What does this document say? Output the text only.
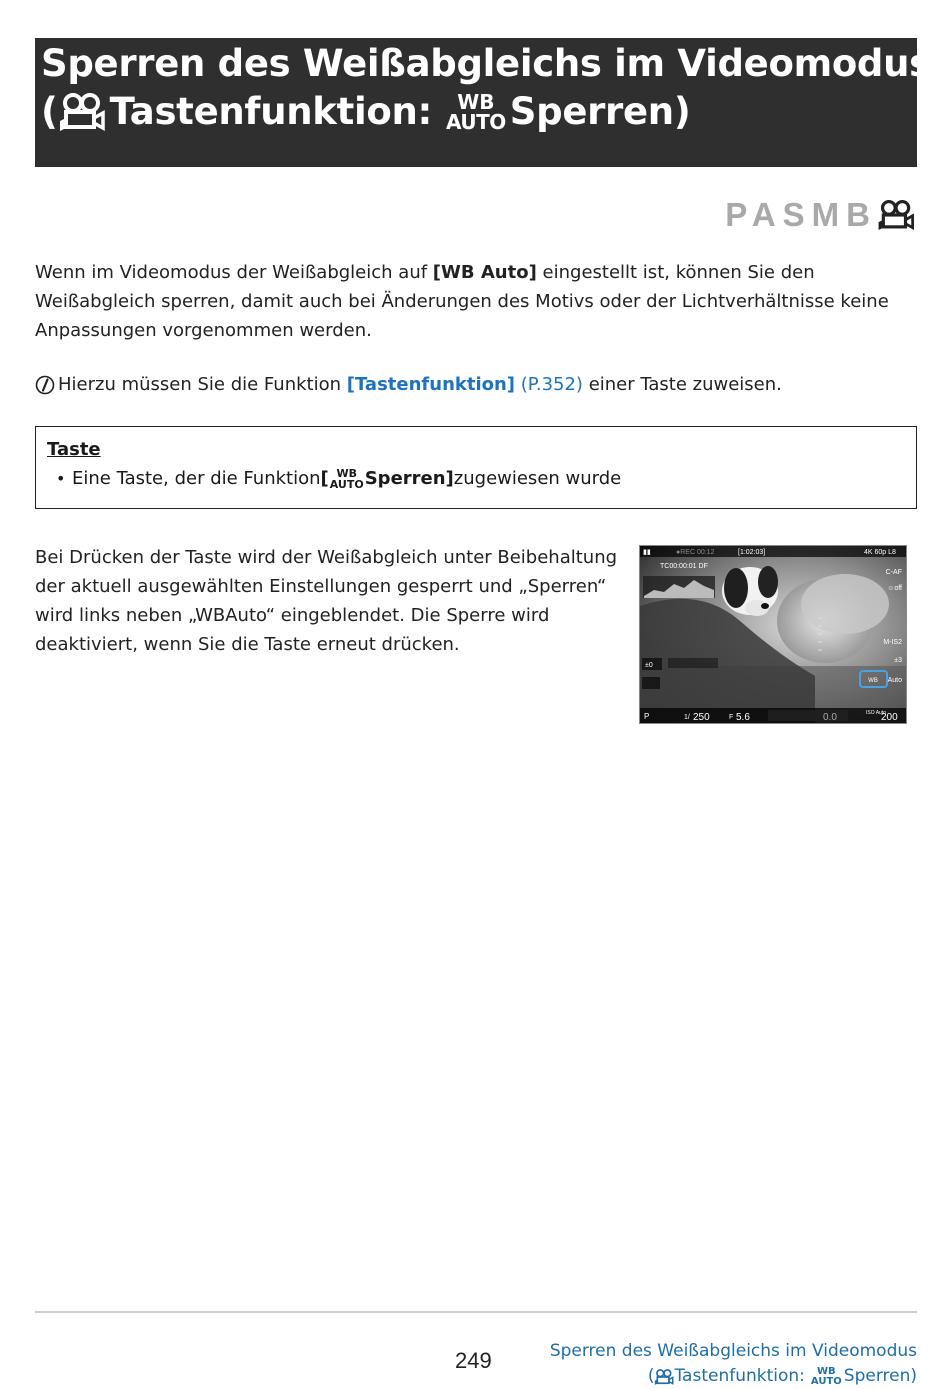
Sperren des Weißabgleichs im Videomodus
( Tastenfunktion: WB
AUTO Sperren)
PASMB
Wenn im Videomodus der Weißabgleich auf [WB Auto] eingestellt ist, können Sie den Weißabgleich sperren, damit auch bei Änderungen des Motivs oder der Lichtverhältnisse keine Anpassungen vorgenommen werden.
Hierzu müssen Sie die Funktion [Tastenfunktion] (P.352) einer Taste zuweisen.
Taste
• Eine Taste, der die Funktion [ WB
AUTO Sperren] zugewiesen wurde
Bei Drücken der Taste wird der Weißabgleich unter Beibehaltung der aktuell ausgewählten Einstellungen gesperrt und „Sperren“ wird links neben „WBAuto“ eingeblendet. Die Sperre wird deaktiviert, wenn Sie die Taste erneut drücken.
▮▮	●REC 00:12	[1:02:03]	4K 60p L8
TC00:00:01 DF
C-AF
☺off
M-IS2
±3
WB Auto
±0
P	1/ 250	F 5.6	0.0	ISO Auto
200
249	Sperren des Weißabgleichs im Videomodus
( Tastenfunktion: WB
AUTO Sperren)
